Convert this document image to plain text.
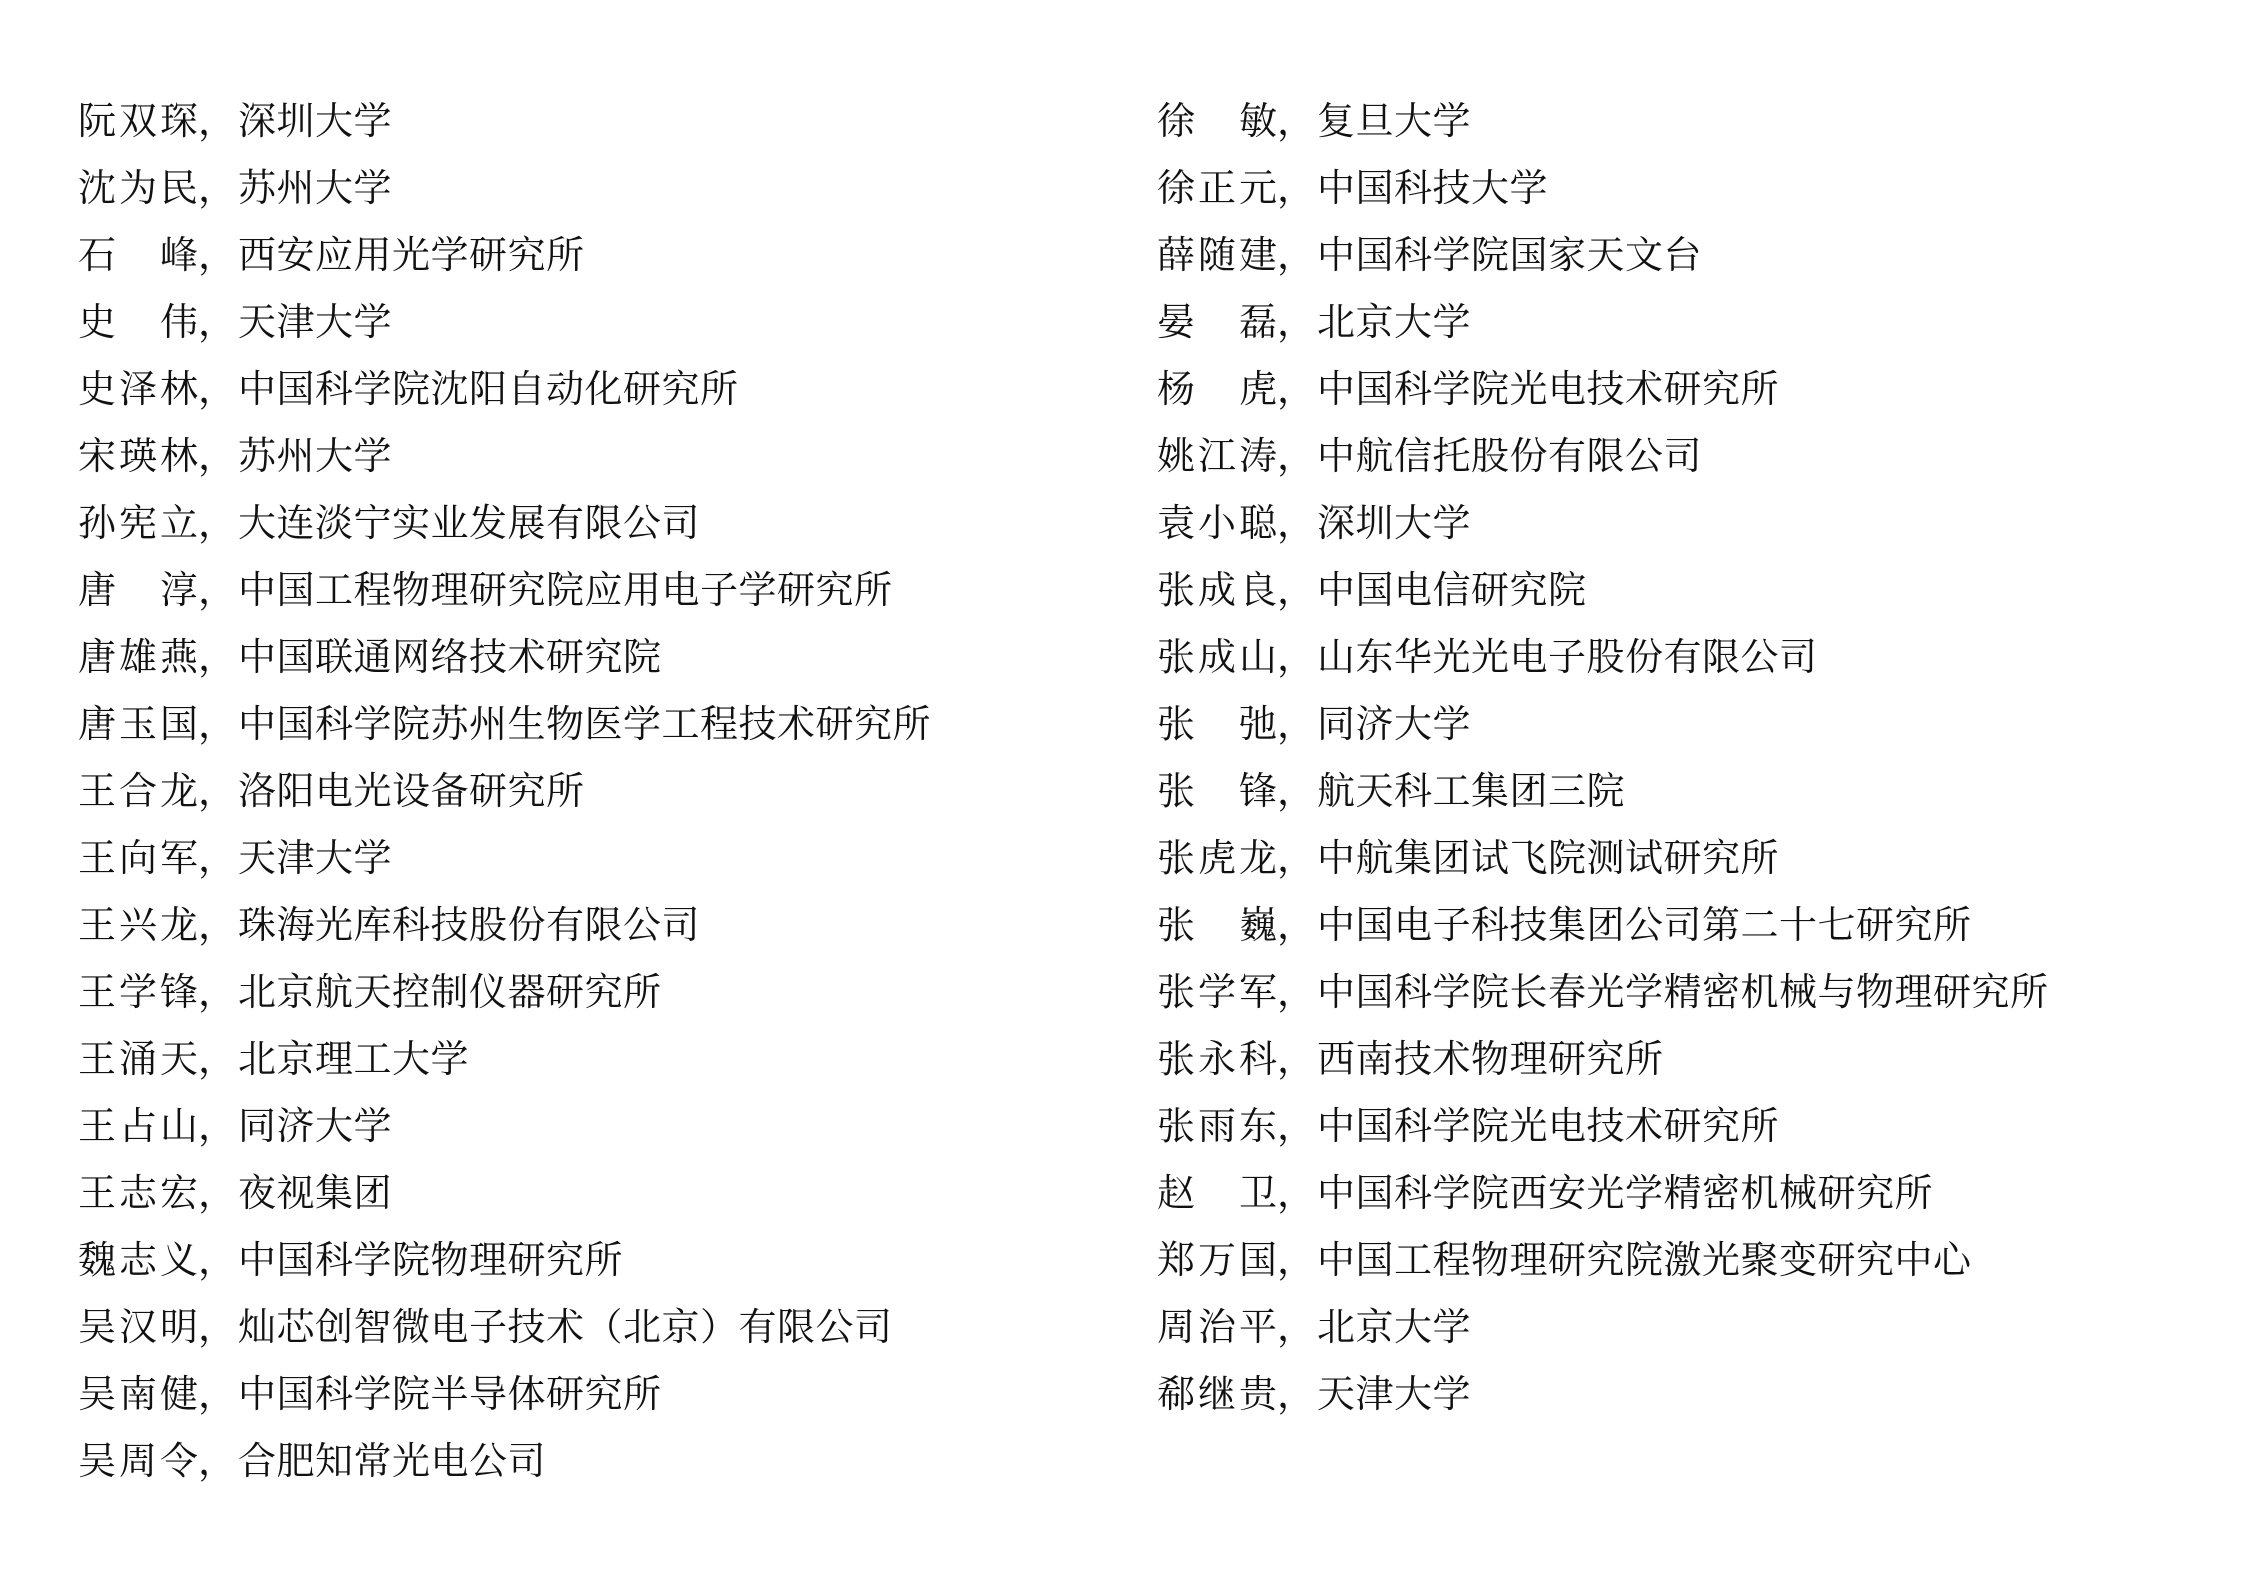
阮双琛 ， 深圳大学
沈为民 ， 苏州大学
石 峰 ， 西安应用光学研究所
史 伟 ， 天津大学
史泽林 ， 中国科学院沈阳自动化研究所
宋瑛林 ， 苏州大学
孙宪立 ， 大连淡宁实业发展有限公司
唐 淳 ， 中国工程物理研究院应用电子学研究所
唐雄燕 ， 中国联通网络技术研究院
唐玉国 ， 中国科学院苏州生物医学工程技术研究所
王合龙 ， 洛阳电光设备研究所
王向军 ， 天津大学
王兴龙 ， 珠海光库科技股份有限公司
王学锋 ， 北京航天控制仪器研究所
王涌天 ， 北京理工大学
王占山 ， 同济大学
王志宏 ， 夜视集团
魏志义 ， 中国科学院物理研究所
吴汉明 ， 灿芯创智微电子技术（北京）有限公司
吴南健 ， 中国科学院半导体研究所
吴周令 ， 合肥知常光电公司
徐 敏 ， 复旦大学
徐正元 ， 中国科技大学
薛随建 ， 中国科学院国家天文台
晏 磊 ， 北京大学
杨 虎 ， 中国科学院光电技术研究所
姚江涛 ， 中航信托股份有限公司
袁小聪 ， 深圳大学
张成良 ， 中国电信研究院
张成山 ， 山东华光光电子股份有限公司
张 弛 ， 同济大学
张 锋 ， 航天科工集团三院
张虎龙 ， 中航集团试飞院测试研究所
张 巍 ， 中国电子科技集团公司第二十七研究所
张学军 ， 中国科学院长春光学精密机械与物理研究所
张永科 ， 西南技术物理研究所
张雨东 ， 中国科学院光电技术研究所
赵 卫 ， 中国科学院西安光学精密机械研究所
郑万国 ， 中国工程物理研究院激光聚变研究中心
周治平 ， 北京大学
郗继贵 ， 天津大学
